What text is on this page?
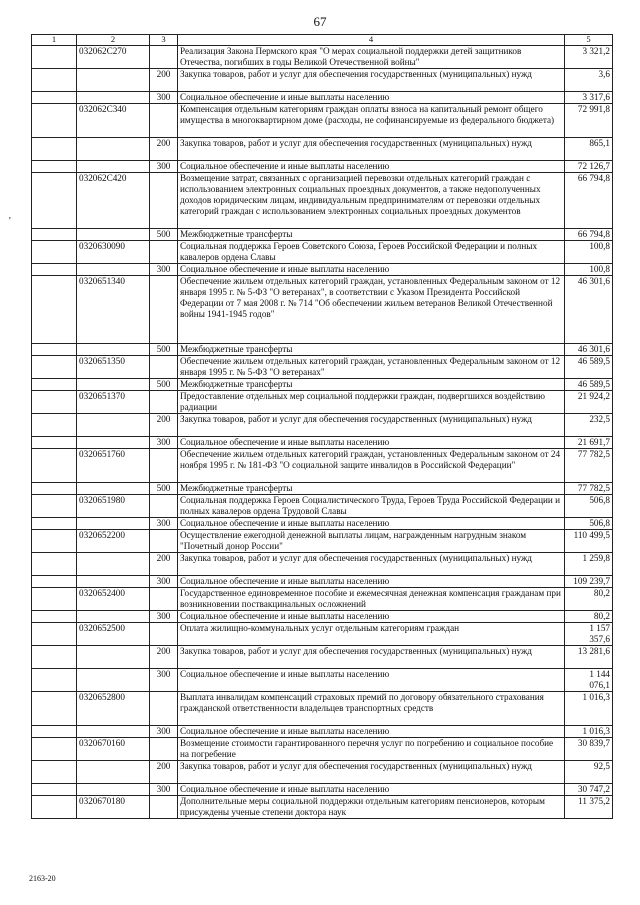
67
'
1	2	3	4	5
	032062С270		Реализация Закона Пермского края "О мерах социальной поддержки детей защитников Отечества, погибших в годы Великой Отечественной войны"	3 321,2
		200	Закупка товаров, работ и услуг для обеспечения государственных (муниципальных) нужд	3,6
		300	Социальное обеспечение и иные выплаты населению	3 317,6
	032062С340		Компенсация отдельным категориям граждан оплаты взноса на капитальный ремонт общего имущества в многоквартирном доме (расходы, не софинансируемые из федерального бюджета)	72 991,8
		200	Закупка товаров, работ и услуг для обеспечения государственных (муниципальных) нужд	865,1
		300	Социальное обеспечение и иные выплаты населению	72 126,7
	032062С420		Возмещение затрат, связанных с организацией перевозки отдельных категорий граждан с использованием электронных социальных проездных документов, а также недополученных доходов юридическим лицам, индивидуальным предпринимателям от перевозки отдельных категорий граждан с использованием электронных социальных проездных документов	66 794,8
		500	Межбюджетные трансферты	66 794,8
	0320630090		Социальная поддержка Героев Советского Союза, Героев Российской Федерации и полных кавалеров ордена Славы	100,8
		300	Социальное обеспечение и иные выплаты населению	100,8
	0320651340		Обеспечение жильем отдельных категорий граждан, установленных Федеральным законом от 12 января 1995 г. № 5-ФЗ "О ветеранах", в соответствии с Указом Президента Российской Федерации от 7 мая 2008 г. № 714 "Об обеспечении жильем ветеранов Великой Отечественной войны 1941-1945 годов"	46 301,6
		500	Межбюджетные трансферты	46 301,6
	0320651350		Обеспечение жильем отдельных категорий граждан, установленных Федеральным законом от 12 января 1995 г. № 5-ФЗ "О ветеранах"	46 589,5
		500	Межбюджетные трансферты	46 589,5
	0320651370		Предоставление отдельных мер социальной поддержки граждан, подвергшихся воздействию радиации	21 924,2
		200	Закупка товаров, работ и услуг для обеспечения государственных (муниципальных) нужд	232,5
		300	Социальное обеспечение и иные выплаты населению	21 691,7
	0320651760		Обеспечение жильем отдельных категорий граждан, установленных Федеральным законом от 24 ноября 1995 г. № 181-ФЗ "О социальной защите инвалидов в Российской Федерации"	77 782,5
		500	Межбюджетные трансферты	77 782,5
	0320651980		Социальная поддержка Героев Социалистического Труда, Героев Труда Российской Федерации и полных кавалеров ордена Трудовой Славы	506,8
		300	Социальное обеспечение и иные выплаты населению	506,8
	0320652200		Осуществление ежегодной денежной выплаты лицам, награжденным нагрудным знаком "Почетный донор России"	110 499,5
		200	Закупка товаров, работ и услуг для обеспечения государственных (муниципальных) нужд	1 259,8
		300	Социальное обеспечение и иные выплаты населению	109 239,7
	0320652400		Государственное единовременное пособие и ежемесячная денежная компенсация гражданам при возникновении поствакцинальных осложнений	80,2
		300	Социальное обеспечение и иные выплаты населению	80,2
	0320652500		Оплата жилищно-коммунальных услуг отдельным категориям граждан	1 157 357,6
		200	Закупка товаров, работ и услуг для обеспечения государственных (муниципальных) нужд	13 281,6
		300	Социальное обеспечение и иные выплаты населению	1 144 076,1
	0320652800		Выплата инвалидам компенсаций страховых премий по договору обязательного страхования гражданской ответственности владельцев транспортных средств	1 016,3
		300	Социальное обеспечение и иные выплаты населению	1 016,3
	0320670160		Возмещение стоимости гарантированного перечня услуг по погребению и социальное пособие на погребение	30 839,7
		200	Закупка товаров, работ и услуг для обеспечения государственных (муниципальных) нужд	92,5
		300	Социальное обеспечение и иные выплаты населению	30 747,2
	0320670180		Дополнительные меры социальной поддержки отдельным категориям пенсионеров, которым присуждены ученые степени доктора наук	11 375,2
2163-20
